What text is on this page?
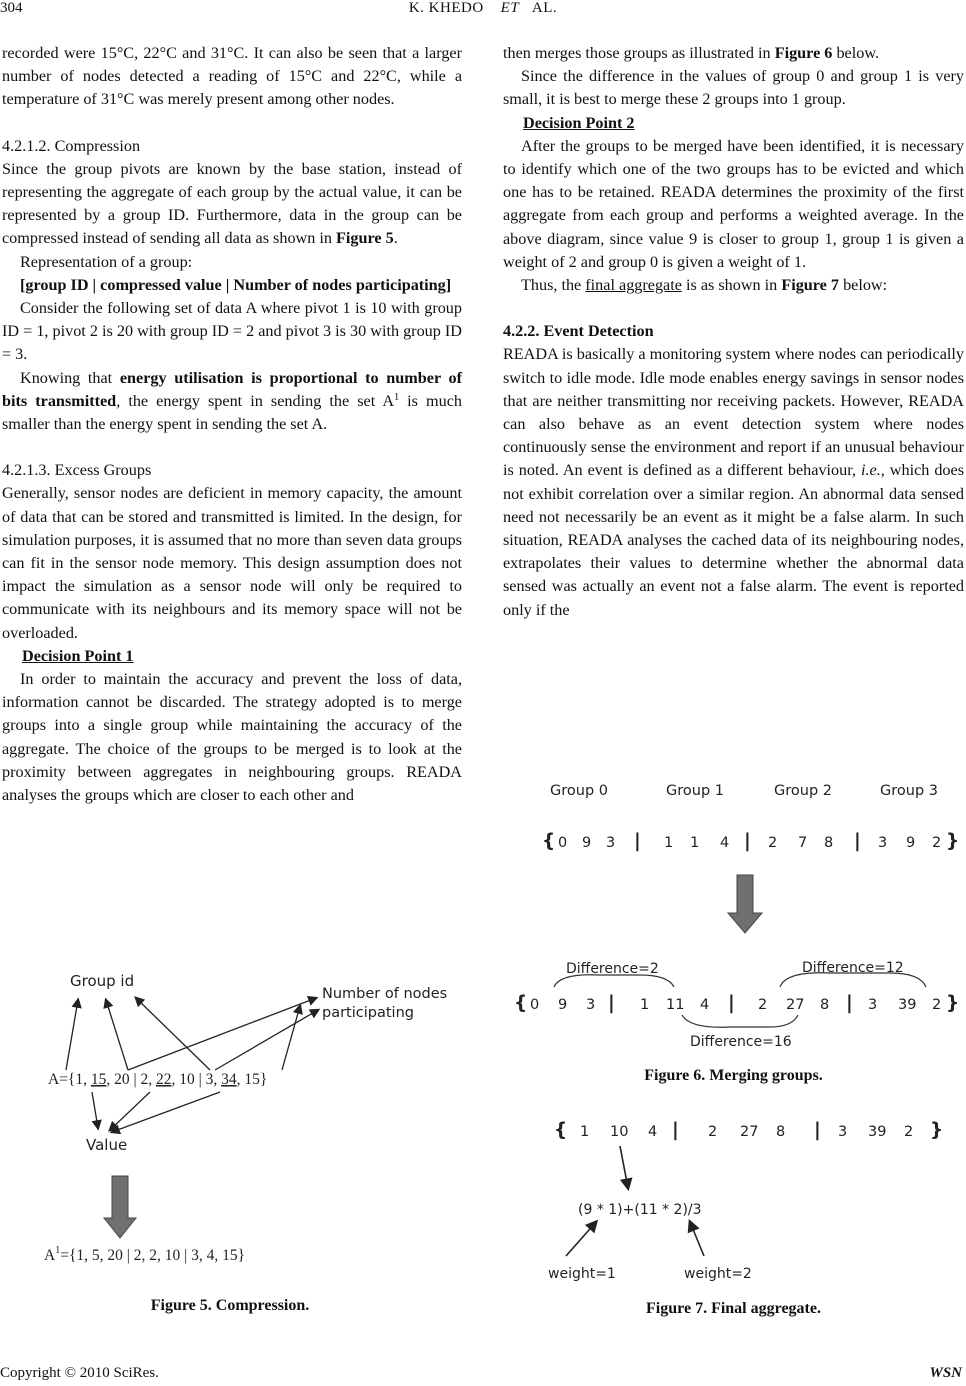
304	K. KHEDO ET AL.

recorded were 15°C, 22°C and 31°C. It can also be seen that a larger number of nodes detected a reading of 15°C and 22°C, while a temperature of 31°C was merely present among other nodes.

4.2.1.2. Compression

Since the group pivots are known by the base station, instead of representing the aggregate of each group by the actual value, it can be represented by a group ID. Furthermore, data in the group can be compressed instead of sending all data as shown in Figure 5.

Representation of a group:

[group ID | compressed value | Number of nodes participating]

Consider the following set of data A where pivot 1 is 10 with group ID = 1, pivot 2 is 20 with group ID = 2 and pivot 3 is 30 with group ID = 3.

Knowing that energy utilisation is proportional to number of bits transmitted, the energy spent in sending the set $A^1$ is much smaller than the energy spent in sending the set A.

4.2.1.3. Excess Groups

Generally, sensor nodes are deficient in memory capacity, the amount of data that can be stored and transmitted is limited. In the design, for simulation purposes, it is assumed that no more than seven data groups can fit in the sensor node memory. This design assumption does not impact the simulation as a sensor node will only be required to communicate with its neighbours and its memory space will not be overloaded.

Decision Point 1

In order to maintain the accuracy and prevent the loss of data, information cannot be discarded. The strategy adopted is to merge groups into a single group while maintaining the accuracy of the aggregate. The choice of the groups to be merged is to look at the proximity between aggregates in neighbouring groups. READA analyses the groups which are closer to each other and

then merges those groups as illustrated in Figure 6 below.

Since the difference in the values of group 0 and group 1 is very small, it is best to merge these 2 groups into 1 group.

Decision Point 2

After the groups to be merged have been identified, it is necessary to identify which one of the two groups has to be evicted and which one has to be retained. READA determines the proximity of the first aggregate from each group and performs a weighted average. In the above diagram, since value 9 is closer to group 1, group 1 is given a weight of 2 and group 0 is given a weight of 1.

Thus, the final aggregate is as shown in Figure 7 below:

4.2.2. Event Detection

READA is basically a monitoring system where nodes can periodically switch to idle mode. Idle mode enables energy savings in sensor nodes that are neither transmitting nor receiving packets. However, READA can also behave as an event detection system where nodes continuously sense the environment and report if an unusual behaviour is noted. An event is defined as a different behaviour, i.e., which does not exhibit correlation over a similar region. An abnormal data sensed need not necessarily be an event as it might be a false alarm. In such situation, READA analyses the cached data of its neighbouring nodes, extrapolates their values to determine whether the abnormal data sensed was actually an event not a false alarm. The event is reported only if the

Group id
Number of nodes
participating
A={1, 15, 20 | 2, 22, 10 | 3, 34, 15}
Value
$A^1=\{1$, 5, 20 | 2, 2, 10 | 3, 4, 15}
Figure 5. Compression.
Group 0	Group 1	Group 2	Group 3
{ 0 9 3 | 1 1 4 | 2 7 8 | 3 9 2 }
{ 0 9 3 | 1 11 4 | 2 27 8 | 3 39 2 }
Difference=2	Difference=12
Difference=16
Figure 6. Merging groups.
{ 1 10 4 | 2 27 8 | 3 39 2 }
(9 * 1)+(11 * 2)/3
weight=1	weight=2
Figure 7. Final aggregate.
Copyright © 2010 SciRes.	WSN
